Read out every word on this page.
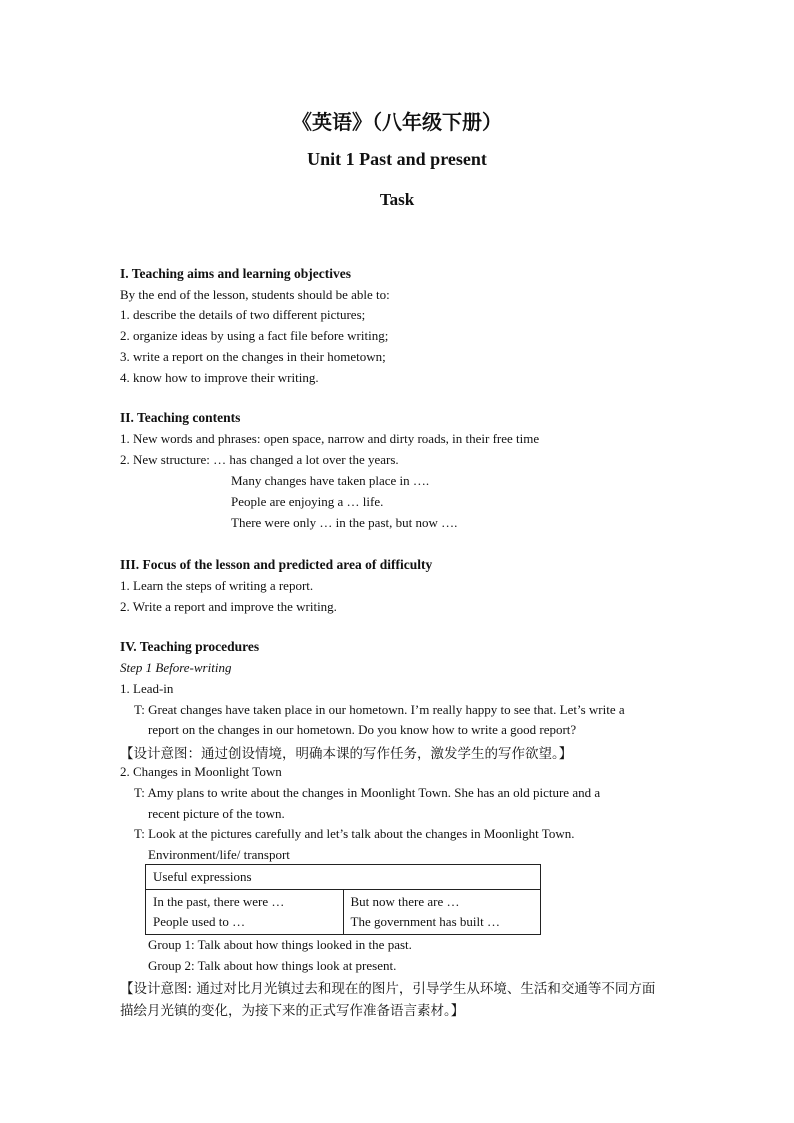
《英语》（八年级下册）
Unit 1 Past and present
Task
I. Teaching aims and learning objectives
By the end of the lesson, students should be able to:
1. describe the details of two different pictures;
2. organize ideas by using a fact file before writing;
3. write a report on the changes in their hometown;
4. know how to improve their writing.
II. Teaching contents
1. New words and phrases: open space, narrow and dirty roads, in their free time
2. New structure: … has changed a lot over the years.
Many changes have taken place in ….
People are enjoying a … life.
There were only … in the past, but now ….
III. Focus of the lesson and predicted area of difficulty
1. Learn the steps of writing a report.
2. Write a report and improve the writing.
IV. Teaching procedures
Step 1 Before-writing
1. Lead-in
T: Great changes have taken place in our hometown. I’m really happy to see that. Let’s write a
report on the changes in our hometown. Do you know how to write a good report?
【设计意图：通过创设情境，明确本课的写作任务，激发学生的写作欲望。】
2. Changes in Moonlight Town
T: Amy plans to write about the changes in Moonlight Town. She has an old picture and a
recent picture of the town.
T: Look at the pictures carefully and let’s talk about the changes in Moonlight Town.
Environment/life/ transport
Useful expressions

In the past, there were …
People used to …

But now there are …
The government has built …
Group 1: Talk about how things looked in the past.
Group 2: Talk about how things look at present.
【设计意图: 通过对比月光镇过去和现在的图片，引导学生从环境、生活和交通等不同方面
描绘月光镇的变化，为接下来的正式写作准备语言素材。】
